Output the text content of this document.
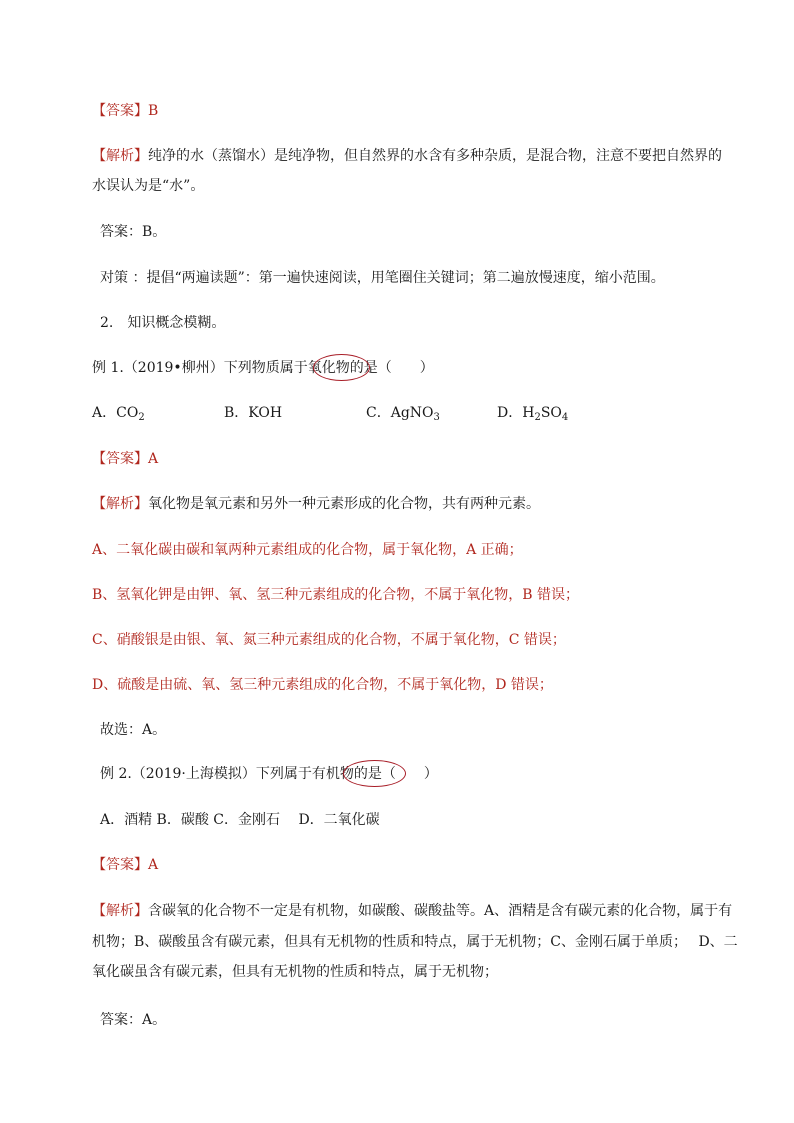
【答案】B
【解析】纯净的水（蒸馏水）是纯净物，但自然界的水含有多种杂质，是混合物，注意不要把自然界的
水误认为是“水”。
答案：B。
对策 ：提倡“两遍读题”：第一遍快速阅读，用笔圈住关键词；第二遍放慢速度，缩小范围。
2.　知识概念模糊。
例 1.（2019•柳州）下列物质属于氧化物的是（　　）
A．$CO_2$	B．KOH	C．AgNO$_3$	D．$H_2SO_4$
【答案】A
【解析】氧化物是氧元素和另外一种元素形成的化合物，共有两种元素。
A、二氧化碳由碳和氧两种元素组成的化合物，属于氧化物，A 正确；
B、氢氧化钾是由钾、氧、氢三种元素组成的化合物，不属于氧化物，B 错误；
C、硝酸银是由银、氧、氮三种元素组成的化合物，不属于氧化物，C 错误；
D、硫酸是由硫、氧、氢三种元素组成的化合物，不属于氧化物，D 错误；
故选：A。
例 2.（2019·上海模拟）下列属于有机物的是（　　）
A．酒精 B．碳酸 C．金刚石　 D．二氧化碳
【答案】A
【解析】含碳氧的化合物不一定是有机物，如碳酸、碳酸盐等。A、酒精是含有碳元素的化合物，属于有
机物；B、碳酸虽含有碳元素，但具有无机物的性质和特点，属于无机物；C、金刚石属于单质；　 D、二
氧化碳虽含有碳元素，但具有无机物的性质和特点，属于无机物；
答案：A。
